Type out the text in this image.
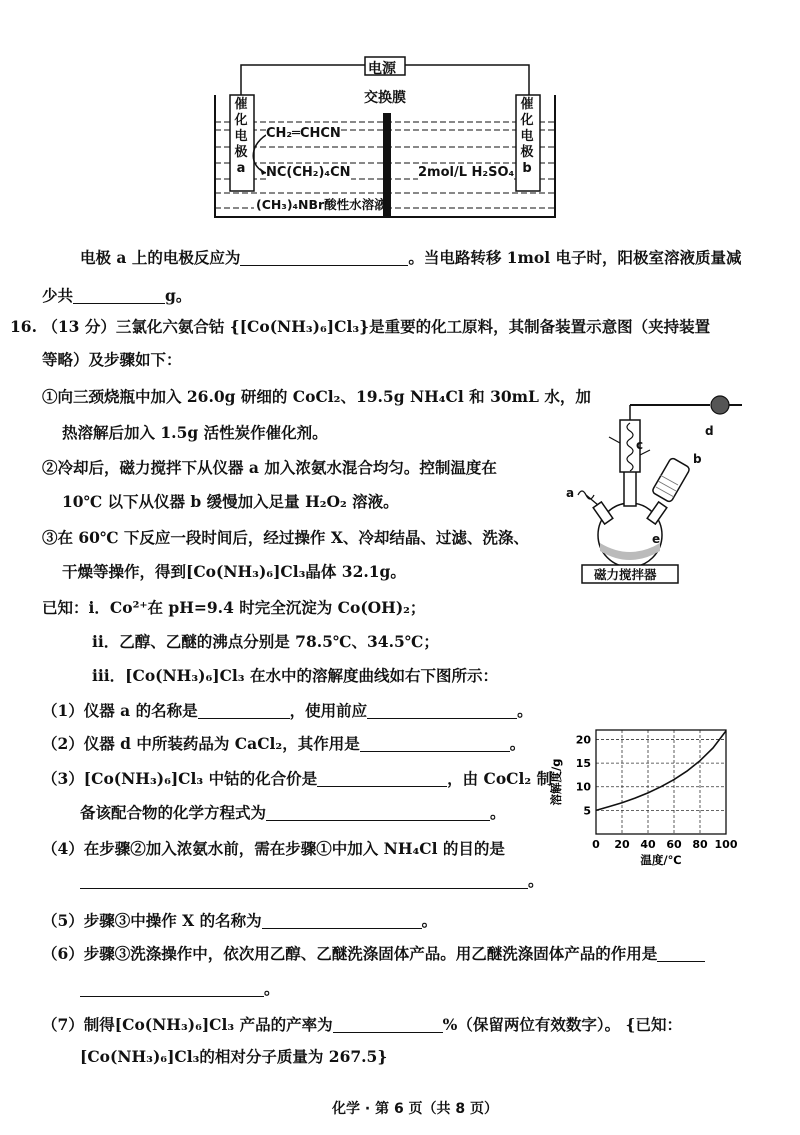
电源
交换膜
催
化
电
极
a
催
化
电
极
b
CH₂═CHCN
NC(CH₂)₄CN	2mol/L H₂SO₄
(CH₃)₄NBr酸性水溶液
电极 a 上的电极反应为	。当电路转移 1mol 电子时，阳极室溶液质量减
少共	g。
16. （13 分）三氯化六氨合钴 {[Co(NH₃)₆]Cl₃}是重要的化工原料，其制备装置示意图（夹持装置
等略）及步骤如下：
①向三颈烧瓶中加入 26.0g 研细的 CoCl₂、19.5g NH₄Cl 和 30mL 水，加
热溶解后加入 1.5g 活性炭作催化剂。
②冷却后，磁力搅拌下从仪器 a 加入浓氨水混合均匀。控制温度在
10℃ 以下从仪器 b 缓慢加入足量 H₂O₂ 溶液。
③在 60℃ 下反应一段时间后，经过操作 X、冷却结晶、过滤、洗涤、
干燥等操作，得到[Co(NH₃)₆]Cl₃晶体 32.1g。
已知：ⅰ．Co²⁺在 pH=9.4 时完全沉淀为 Co(OH)₂；
ⅱ．乙醇、乙醚的沸点分别是 78.5℃、34.5℃；
ⅲ．[Co(NH₃)₆]Cl₃ 在水中的溶解度曲线如右下图所示：
（1）仪器 a 的名称是	，使用前应	。
（2）仪器 d 中所装药品为 CaCl₂，其作用是	。
（3）[Co(NH₃)₆]Cl₃ 中钴的化合价是	，由 CoCl₂ 制
备该配合物的化学方程式为	。
（4）在步骤②加入浓氨水前，需在步骤①中加入 NH₄Cl 的目的是
。
（5）步骤③中操作 X 的名称为	。
（6）步骤③洗涤操作中，依次用乙醇、乙醚洗涤固体产品。用乙醚洗涤固体产品的作用是
。
（7）制得[Co(NH₃)₆]Cl₃ 产品的产率为	%（保留两位有效数字）。 {已知：
[Co(NH₃)₆]Cl₃的相对分子质量为 267.5}
化学 · 第 6 页（共 8 页）
a
b
c
d
e
磁力搅拌器
0 20 40 60 80 100
5
10
15
20
温度/℃
溶解度/g
